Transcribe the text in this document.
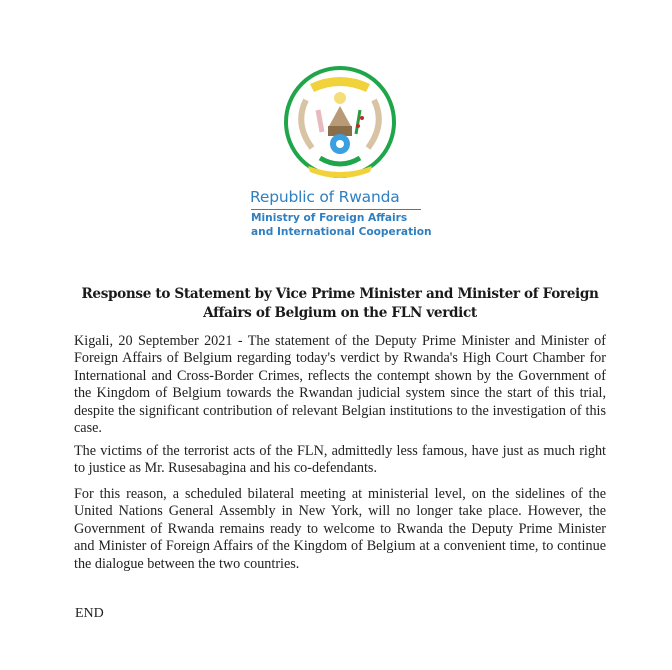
Republic of Rwanda
Ministry of Foreign Affairs
and International Cooperation
Response to Statement by Vice Prime Minister and Minister of Foreign Affairs of Belgium on the FLN verdict

Kigali, 20 September 2021 - The statement of the Deputy Prime Minister and Minister of Foreign Affairs of Belgium regarding today's verdict by Rwanda's High Court Chamber for International and Cross-Border Crimes, reflects the contempt shown by the Government of the Kingdom of Belgium towards the Rwandan judicial system since the start of this trial, despite the significant contribution of relevant Belgian institutions to the investigation of this case.

The victims of the terrorist acts of the FLN, admittedly less famous, have just as much right to justice as Mr. Rusesabagina and his co-defendants.

For this reason, a scheduled bilateral meeting at ministerial level, on the sidelines of the United Nations General Assembly in New York, will no longer take place. However, the Government of Rwanda remains ready to welcome to Rwanda the Deputy Prime Minister and Minister of Foreign Affairs of the Kingdom of Belgium at a convenient time, to continue the dialogue between the two countries.

END
